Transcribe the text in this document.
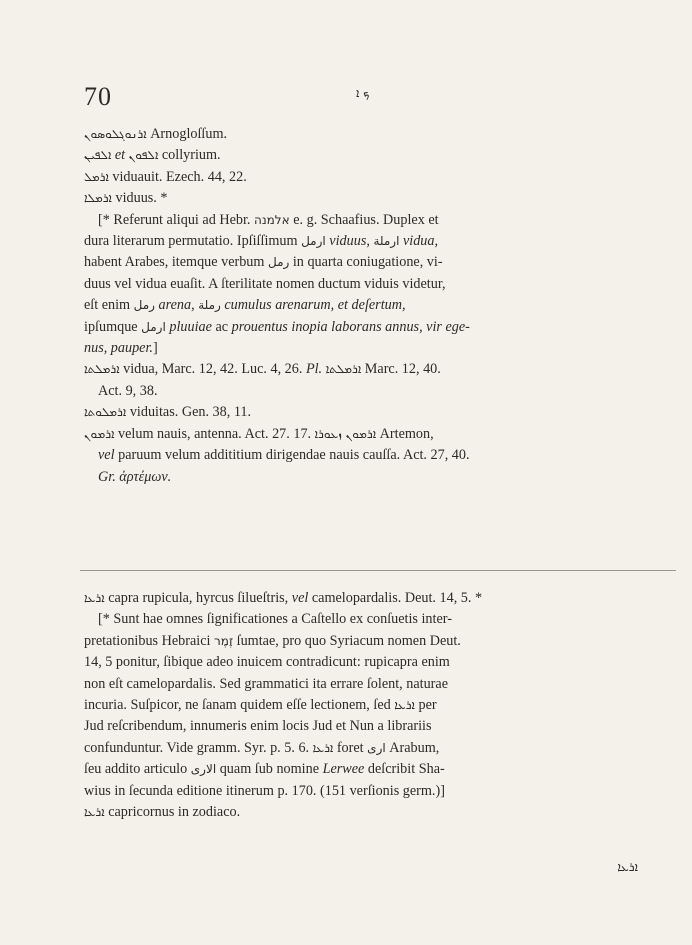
70	ܟ ܐ
ܐܪܢܘܓܠܘܣܘܢ Arnogloſſum.
ܐܠܦܝܢ et ܐܠܦܘܢ collyrium.
ܐܪܡܠ viduauit. Ezech. 44, 22.
ܐܪܡܠܐ viduus. *
[* Referunt aliqui ad Hebr. אלמנה e. g. Schaafius. Duplex et
dura literarum permutatio. Ipſiſſimum ارمل viduus, ارملة vidua,
habent Arabes, itemque verbum رمل in quarta coniugatione, vi-
duus vel vidua euaſit. A ſterilitate nomen ductum viduis videtur,
eſt enim رمل arena, رملة cumulus arenarum, et deſertum,
ipſumque ارمل pluuiae ac prouentus inopia laborans annus, vir ege-
nus, pauper.]
ܐܪܡܠܬܐ vidua, Marc. 12, 42. Luc. 4, 26. Pl. ܐܪܡܠܬܐ Marc. 12, 40.
Act. 9, 38.
ܐܪܡܠܘܬܐ viduitas. Gen. 38, 11.
ܐܪܡܘܢ velum nauis, antenna. Act. 27. 17. ܐܪܡܘܢ ܙܥܘܪܐ Artemon,
vel paruum velum addititium dirigendae nauis cauſſa. Act. 27, 40.
Gr. ἀρτέμων.
ܐܪܥܐ capra rupicula, hyrcus ſilueſtris, vel camelopardalis. Deut. 14, 5. *
[* Sunt hae omnes ſignificationes a Caſtello ex conſuetis inter-
pretationibus Hebraici זֶמֶר ſumtae, pro quo Syriacum nomen Deut.
14, 5 ponitur, ſibique adeo inuicem contradicunt: rupicapra enim
non eſt camelopardalis. Sed grammatici ita errare ſolent, naturae
incuria. Suſpicor, ne ſanam quidem eſſe lectionem, ſed ܐܪܥܐ per
Jud reſcribendum, innumeris enim locis Jud et Nun a librariis
confunduntur. Vide gramm. Syr. p. 5. 6. ܐܪܥܐ foret ارى Arabum,
ſeu addito articulo الارى quam ſub nomine Lerwee deſcribit Sha-
wius in ſecunda editione itinerum p. 170. (151 verſionis germ.)]
ܐܪܥܐ capricornus in zodiaco.
ܐܪܥܐ
